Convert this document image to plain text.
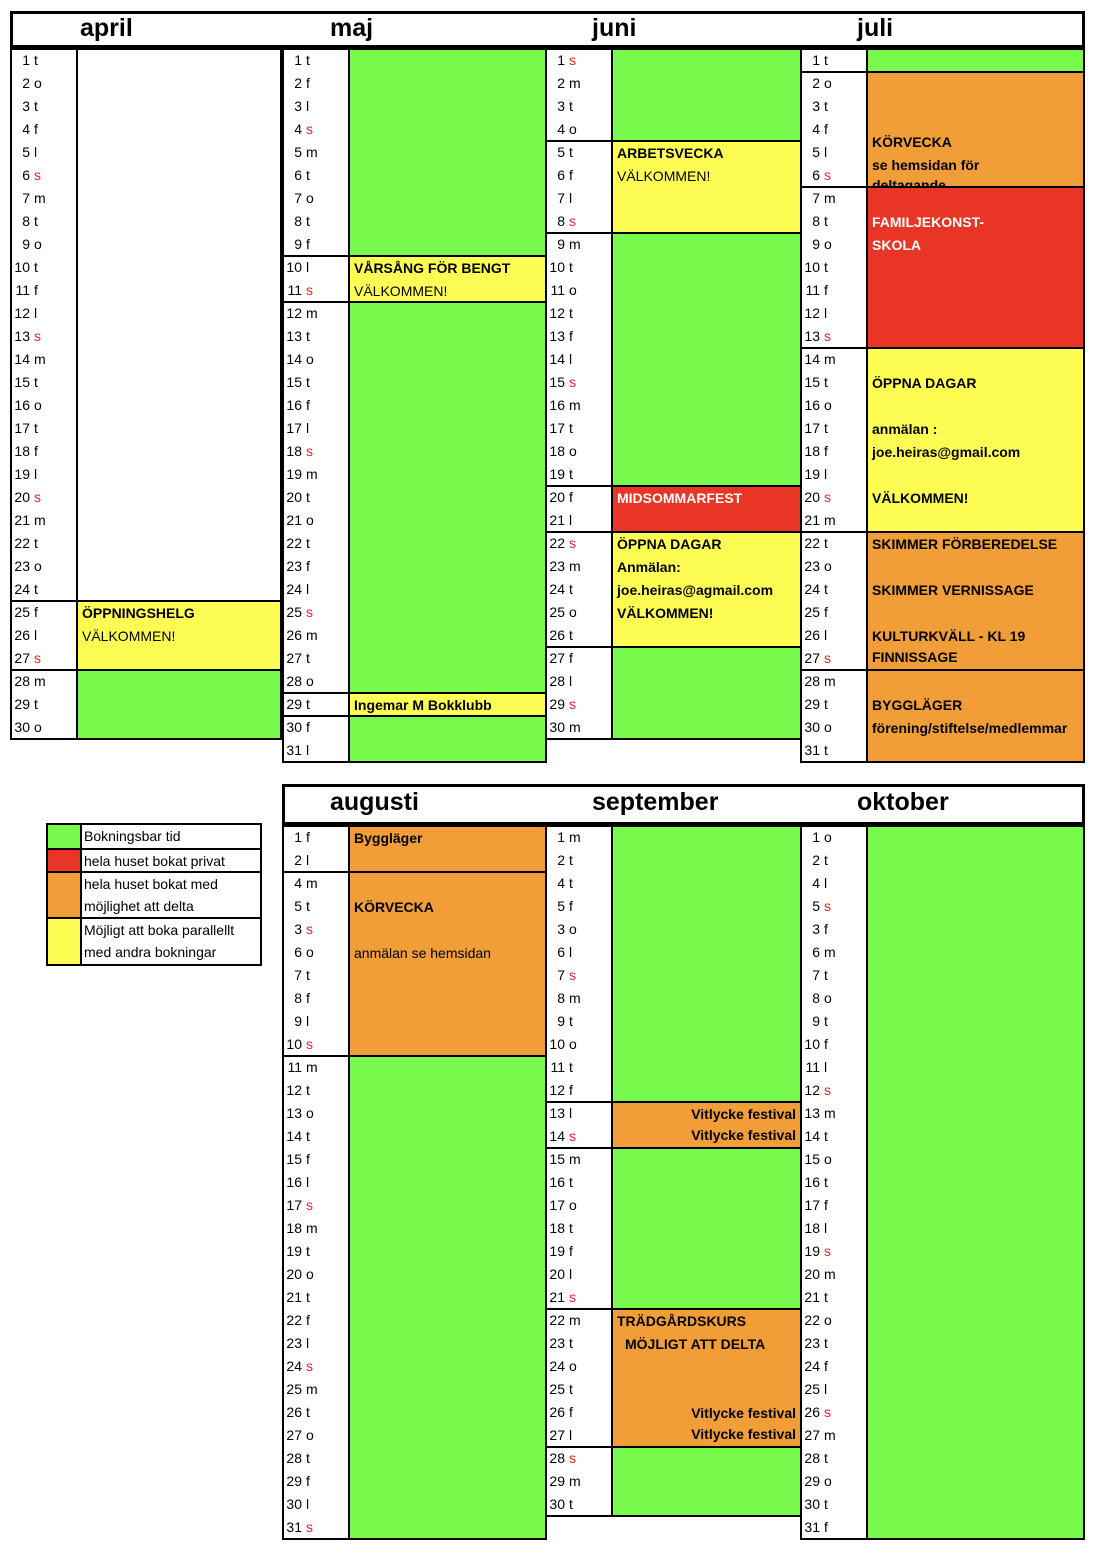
april
ÖPPNINGSHELG
VÄLKOMMEN!
1 t
2 o
3 t
4 f
5 l
6 s
7 m
8 t
9 o
10 t
11 f
12 l
13 s
14 m
15 t
16 o
17 t
18 f
19 l
20 s
21 m
22 t
23 o
24 t
25 f
26 l
27 s
28 m
29 t
30 o
maj
VÅRSÅNG FÖR BENGT
VÄLKOMMEN!
Ingemar M Bokklubb
1 t
2 f
3 l
4 s
5 m
6 t
7 o
8 t
9 f
10 l
11 s
12 m
13 t
14 o
15 t
16 f
17 l
18 s
19 m
20 t
21 o
22 t
23 f
24 l
25 s
26 m
27 t
28 o
29 t
30 f
31 l
juni
ARBETSVECKA
VÄLKOMMEN!
MIDSOMMARFEST
ÖPPNA DAGAR
Anmälan:
joe.heiras@agmail.com
VÄLKOMMEN!
1 s
2 m
3 t
4 o
5 t
6 f
7 l
8 s
9 m
10 t
11 o
12 t
13 f
14 l
15 s
16 m
17 t
18 o
19 t
20 f
21 l
22 s
23 m
24 t
25 o
26 t
27 f
28 l
29 s
30 m
juli
KÖRVECKA
se hemsidan för
FAMILJEKONST-
SKOLA
ÖPPNA DAGAR
anmälan :
joe.heiras@gmail.com
VÄLKOMMEN!
SKIMMER FÖRBEREDELSE
SKIMMER VERNISSAGE
KULTURKVÄLL - KL 19
FINNISSAGE
BYGGLÄGER
förening/stiftelse/medlemmar
1 t
2 o
3 t
4 f
5 l
6 s
7 m
8 t
9 o
10 t
11 f
12 l
13 s
14 m
15 t
16 o
17 t
18 f
19 l
20 s
21 m
22 t
23 o
24 t
25 f
26 l
27 s
28 m
29 t
30 o
31 t
augusti
Byggläger
KÖRVECKA
anmälan se hemsidan
1 f
2 l
4 m
5 t
3 s
6 o
7 t
8 f
9 l
10 s
11 m
12 t
13 o
14 t
15 f
16 l
17 s
18 m
19 t
20 o
21 t
22 f
23 l
24 s
25 m
26 t
27 o
28 t
29 f
30 l
31 s
september
Vitlycke festival
Vitlycke festival
TRÄDGÅRDSKURS
MÖJLIGT ATT DELTA
Vitlycke festival
Vitlycke festival
1 m
2 t
4 t
5 f
3 o
6 l
7 s
8 m
9 t
10 o
11 t
12 f
13 l
14 s
15 m
16 t
17 o
18 t
19 f
20 l
21 s
22 m
23 t
24 o
25 t
26 f
27 l
28 s
29 m
30 t
oktober
1 o
2 t
4 l
5 s
3 f
6 m
7 t
8 o
9 t
10 f
11 l
12 s
13 m
14 t
15 o
16 t
17 f
18 l
19 s
20 m
21 t
22 o
23 t
24 f
25 l
26 s
27 m
28 t
29 o
30 t
31 f
Bokningsbar tid
hela huset bokat privat
hela huset bokat med
möjlighet att delta
Möjligt att boka parallellt
med andra bokningar
